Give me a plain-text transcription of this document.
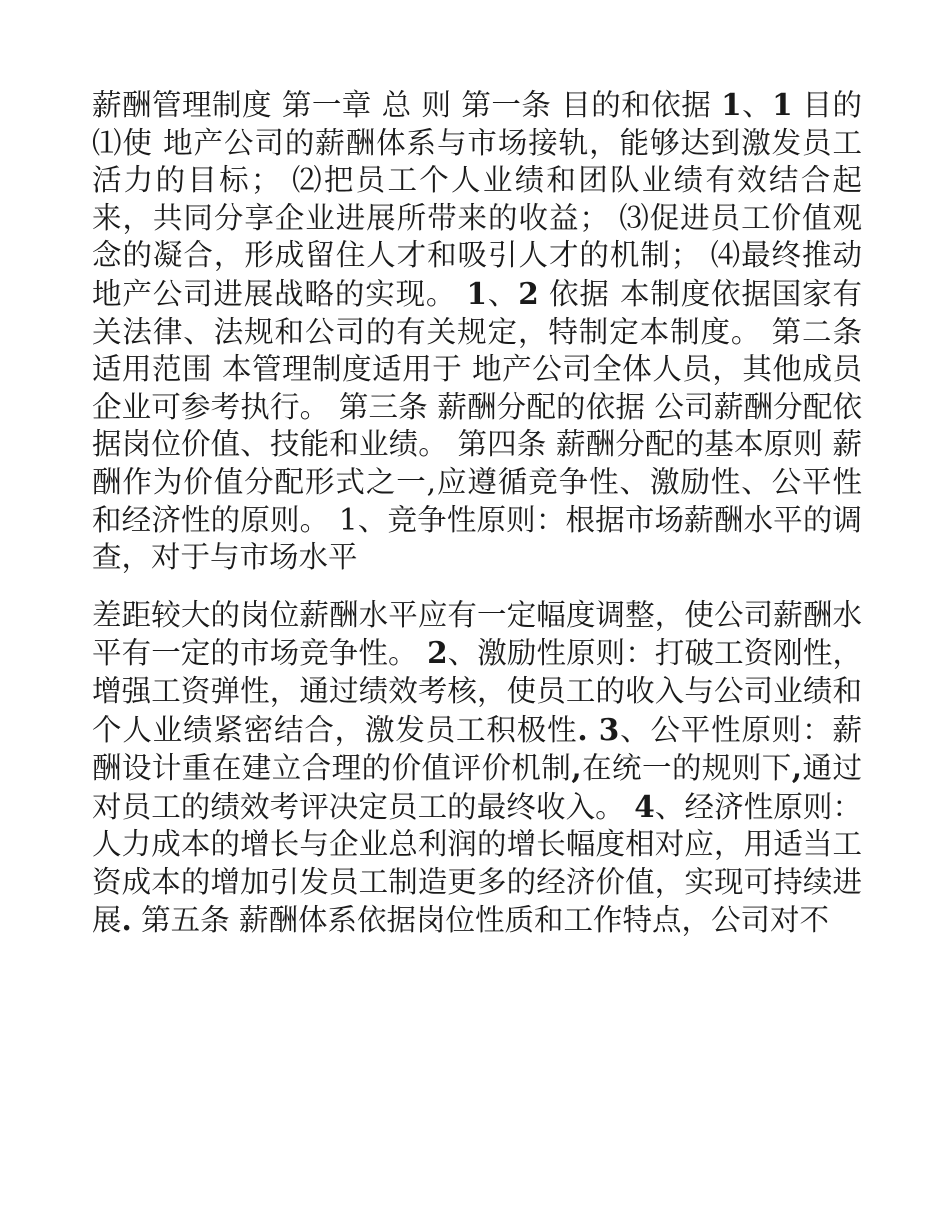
薪酬管理制度 第一章 总 则 第一条 目的和依据 1、1 目的 ⑴使 地产公司的薪酬体系与市场接轨，能够达到激发员工活力的目标； ⑵把员工个人业绩和团队业绩有效结合起来，共同分享企业进展所带来的收益； ⑶促进员工价值观念的凝合，形成留住人才和吸引人才的机制； ⑷最终推动 地产公司进展战略的实现。 1、2 依据 本制度依据国家有关法律、法规和公司的有关规定，特制定本制度。 第二条 适用范围 本管理制度适用于 地产公司全体人员，其他成员企业可参考执行。 第三条 薪酬分配的依据 公司薪酬分配依据岗位价值、技能和业绩。 第四条 薪酬分配的基本原则 薪酬作为价值分配形式之一,应遵循竞争性、激励性、公平性和经济性的原则。 1、竞争性原则：根据市场薪酬水平的调查，对于与市场水平

差距较大的岗位薪酬水平应有一定幅度调整，使公司薪酬水平有一定的市场竞争性。 2、激励性原则：打破工资刚性，增强工资弹性，通过绩效考核，使员工的收入与公司业绩和个人业绩紧密结合，激发员工积极性. 3、公平性原则：薪酬设计重在建立合理的价值评价机制,在统一的规则下,通过对员工的绩效考评决定员工的最终收入。 4、经济性原则：人力成本的增长与企业总利润的增长幅度相对应，用适当工资成本的增加引发员工制造更多的经济价值，实现可持续进展. 第五条 薪酬体系依据岗位性质和工作特点，公司对不
